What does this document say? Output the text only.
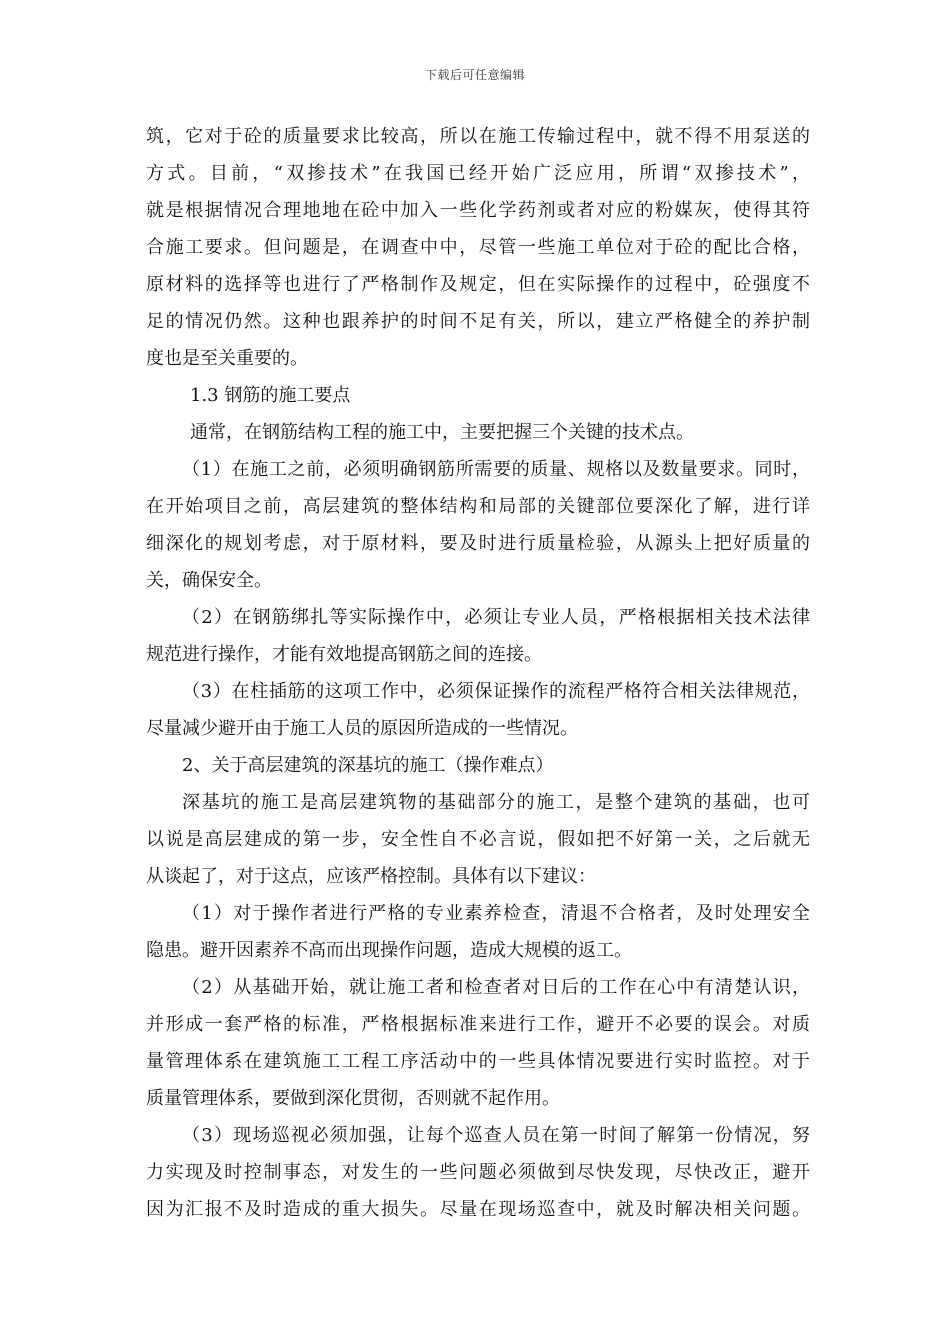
下载后可任意编辑
筑，它对于砼的质量要求比较高，所以在施工传输过程中，就不得不用泵送的
方式。目前，“双掺技术”在我国已经开始广泛应用，所谓“双掺技术”，
就是根据情况合理地地在砼中加入一些化学药剂或者对应的粉媒灰，使得其符
合施工要求。但问题是，在调查中中，尽管一些施工单位对于砼的配比合格，
原材料的选择等也进行了严格制作及规定，但在实际操作的过程中，砼强度不
足的情况仍然。这种也跟养护的时间不足有关，所以，建立严格健全的养护制
度也是至关重要的。
1.3 钢筋的施工要点
通常，在钢筋结构工程的施工中，主要把握三个关键的技术点。
（1）在施工之前，必须明确钢筋所需要的质量、规格以及数量要求。同时，
在开始项目之前，高层建筑的整体结构和局部的关键部位要深化了解，进行详
细深化的规划考虑，对于原材料，要及时进行质量检验，从源头上把好质量的
关，确保安全。
（2）在钢筋绑扎等实际操作中，必须让专业人员，严格根据相关技术法律
规范进行操作，才能有效地提高钢筋之间的连接。
（3）在柱插筋的这项工作中，必须保证操作的流程严格符合相关法律规范，
尽量减少避开由于施工人员的原因所造成的一些情况。
2、关于高层建筑的深基坑的施工（操作难点）
深基坑的施工是高层建筑物的基础部分的施工，是整个建筑的基础，也可
以说是高层建成的第一步，安全性自不必言说，假如把不好第一关，之后就无
从谈起了，对于这点，应该严格控制。具体有以下建议：
（1）对于操作者进行严格的专业素养检查，清退不合格者，及时处理安全
隐患。避开因素养不高而出现操作问题，造成大规模的返工。
（2）从基础开始，就让施工者和检查者对日后的工作在心中有清楚认识，
并形成一套严格的标准，严格根据标准来进行工作，避开不必要的误会。对质
量管理体系在建筑施工工程工序活动中的一些具体情况要进行实时监控。对于
质量管理体系，要做到深化贯彻，否则就不起作用。
（3）现场巡视必须加强，让每个巡查人员在第一时间了解第一份情况，努
力实现及时控制事态，对发生的一些问题必须做到尽快发现，尽快改正，避开
因为汇报不及时造成的重大损失。尽量在现场巡查中，就及时解决相关问题。
